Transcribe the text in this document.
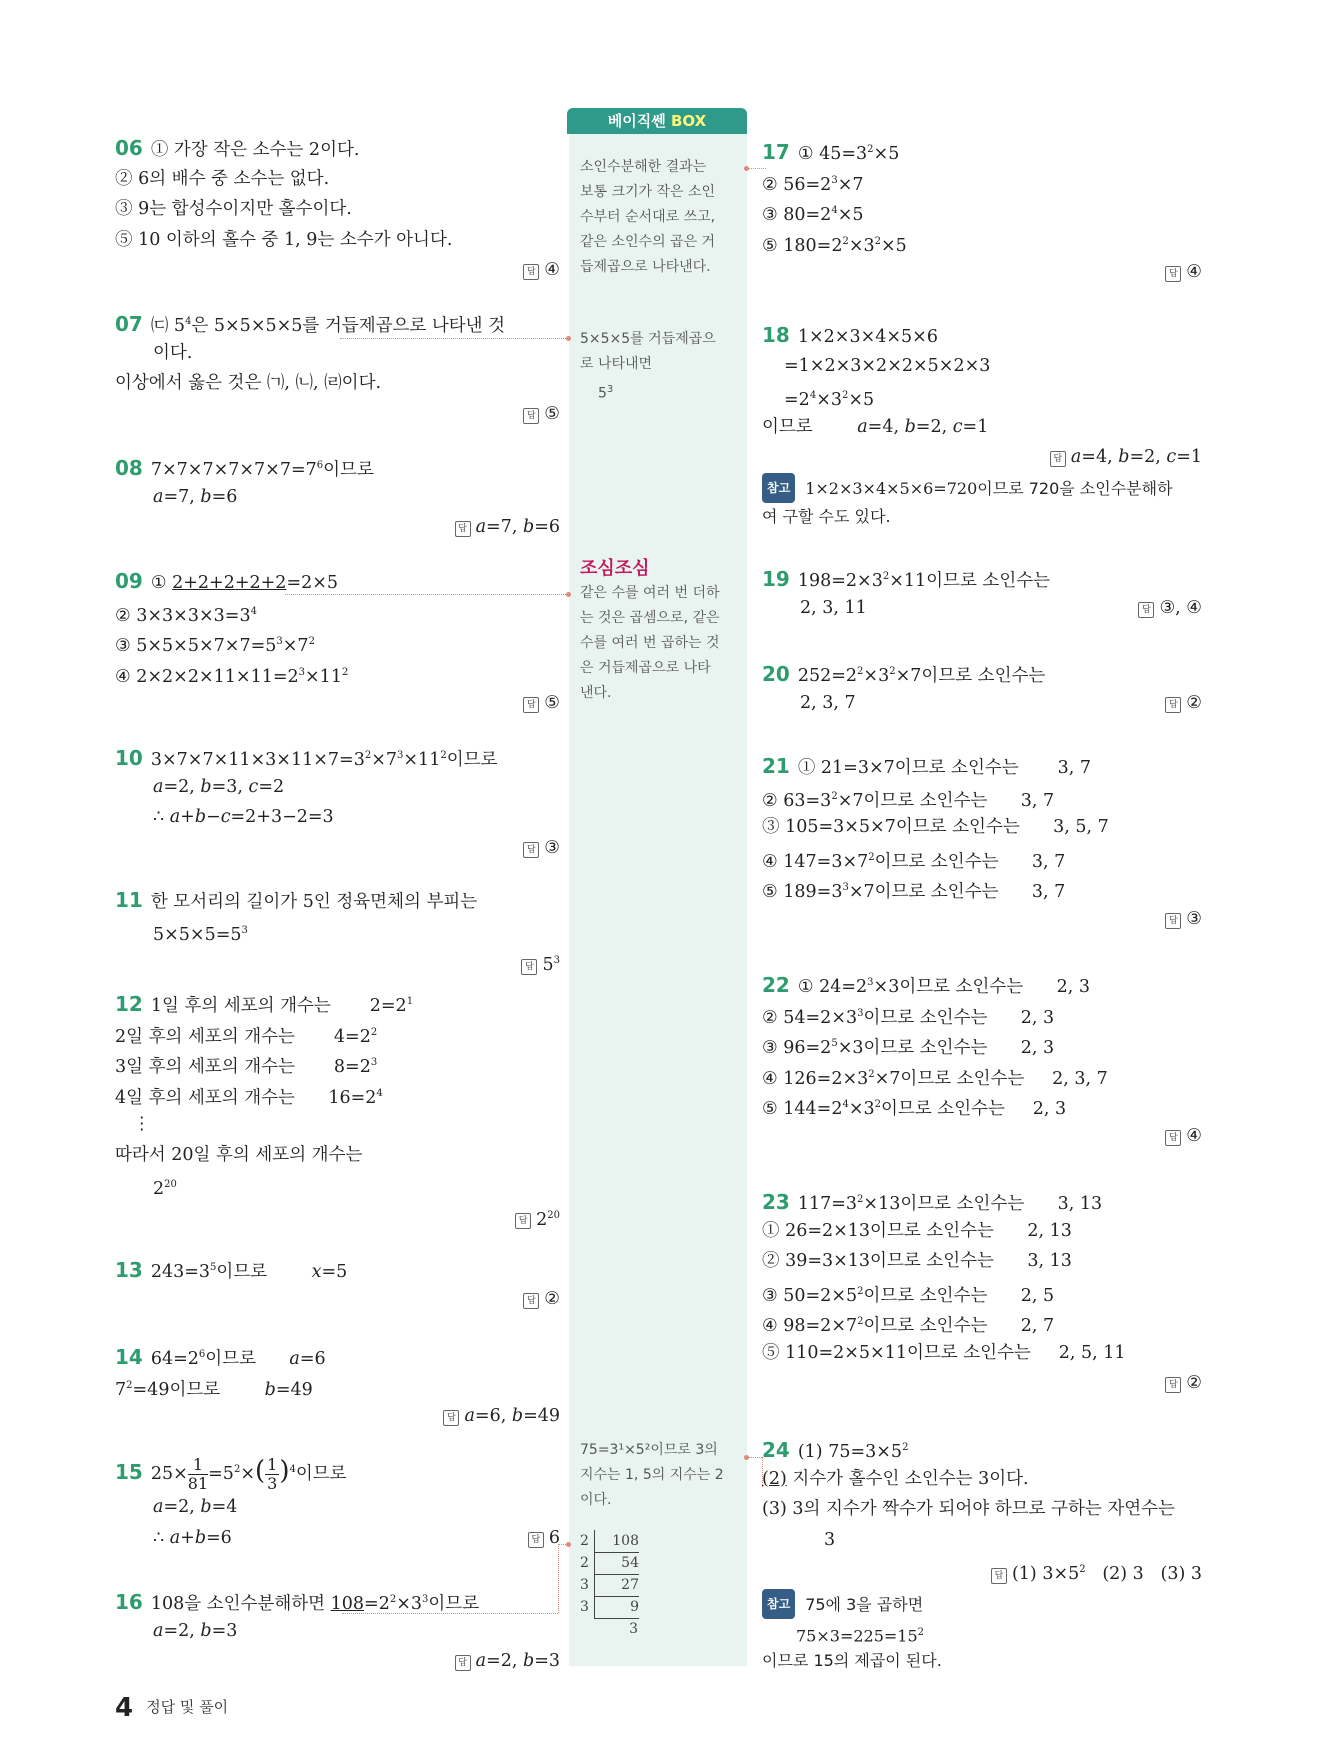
베이직쎈 BOX
소인수분해한 결과는
보통 크기가 작은 소인
수부터 순서대로 쓰고,
같은 소인수의 곱은 거
듭제곱으로 나타낸다.
5×5×5를 거듭제곱으
로 나타내면
$5^3$
조심조심
같은 수를 여러 번 더하
는 것은 곱셈으로, 같은
수를 여러 번 곱하는 것
은 거듭제곱으로 나타
낸다.
75=3¹×5²이므로 3의
지수는 1, 5의 지수는 2
이다.
2 108
2 54
3 27
3	9
3
06 ① 가장 작은 소수는 2이다.
② 6의 배수 중 소수는 없다.
③ 9는 합성수이지만 홀수이다.
⑤ 10 이하의 홀수 중 1, 9는 소수가 아니다.
답 ④
07 ㈂ $5^4$은 5×5×5×5를 거듭제곱으로 나타낸 것
이다.
이상에서 옳은 것은 ㈀, ㈁, ㈃이다.
답 ⑤
08 $7\times 7\times 7\times 7\times 7\times 7=7^6$이므로
a=7, b=6
답 a=7, b=6
09 ① 2+2+2+2+2=2×5
② $3\times 3\times 3\times 3=3^4$
③ $5\times 5\times 5\times 7\times 7=5^3\times 7^2$
④ $2\times 2\times 2\times 11\times 11=2^3\times 11^2$
답 ⑤
10 $3\times 7\times 7\times 11\times 3\times 11\times 7=3^2\times 7^3\times 11^2$이므로
a=2, b=3, c=2
∴ a+b−c=2+3−2=3
답 ③
11 한 모서리의 길이가 5인 정육면체의 부피는
$5\times 5\times 5=5^3$
답 $5^3$
12 1일 후의 세포의 개수는       $2=2^1$
2일 후의 세포의 개수는       $4=2^2$
3일 후의 세포의 개수는       $8=2^3$
4일 후의 세포의 개수는      $16=2^4$
⋮
따라서 20일 후의 세포의 개수는
$2^{20}$
답 $2^{20}$
13 $243=3^5$이므로        x=5
답 ②
14 $64=2^6$이므로      a=6
$7^2=49$이므로        b=49
답 a=6, b=49
15 $25\times \frac{1}{81} =5^2\times( \frac{1}{3} )^4$이므로
a=2, b=4
∴ a+b=6	답 6
16 108을 소인수분해하면 $108=2^2\times 3^3$이므로
a=2, b=3
답 a=2, b=3
17 ① $45=3^2\times 5$
② $56=2^3\times 7$
③ $80=2^4\times 5$
⑤ $180=2^2\times 3^2\times 5$
답 ④
18 1×2×3×4×5×6
=1×2×3×2×2×5×2×3
$=2^4\times 3^2\times 5$
이므로        a=4, b=2, c=1
답 a=4, b=2, c=1
참고 1×2×3×4×5×6=720이므로 720을 소인수분해하
여 구할 수도 있다.
19 $198=2\times 3^2\times 11$이므로 소인수는
2, 3, 11	답 ③, ④
20 $252=2^2\times 3^2\times 7$이므로 소인수는
2, 3, 7	답 ②
21 ① 21=3×7이므로 소인수는       3, 7
② $63=3^2\times 7$이므로 소인수는      3, 7
③ 105=3×5×7이므로 소인수는      3, 5, 7
④ $147=3\times 7^2$이므로 소인수는      3, 7
⑤ $189=3^3\times 7$이므로 소인수는      3, 7
답 ③
22 ① $24=2^3\times 3$이므로 소인수는      2, 3
② $54=2\times 3^3$이므로 소인수는      2, 3
③ $96=2^5\times 3$이므로 소인수는      2, 3
④ $126=2\times 3^2\times 7$이므로 소인수는     2, 3, 7
⑤ $144=2^4\times 3^2$이므로 소인수는     2, 3
답 ④
23 $117=3^2\times 13$이므로 소인수는      3, 13
① 26=2×13이므로 소인수는      2, 13
② 39=3×13이므로 소인수는      3, 13
③ $50=2\times 5^2$이므로 소인수는      2, 5
④ $98=2\times 7^2$이므로 소인수는      2, 7
⑤ 110=2×5×11이므로 소인수는     2, 5, 11
답 ②
24 (1) $75=3\times 5^2$
(2) 지수가 홀수인 소인수는 3이다.
(3) 3의 지수가 짝수가 되어야 하므로 구하는 자연수는
3
답 (1) $3\times 5^2$   (2) 3   (3) 3
참고 75에 3을 곱하면
$75\times 3=225=15^2$
이므로 15의 제곱이 된다.
4 정답 및 풀이
